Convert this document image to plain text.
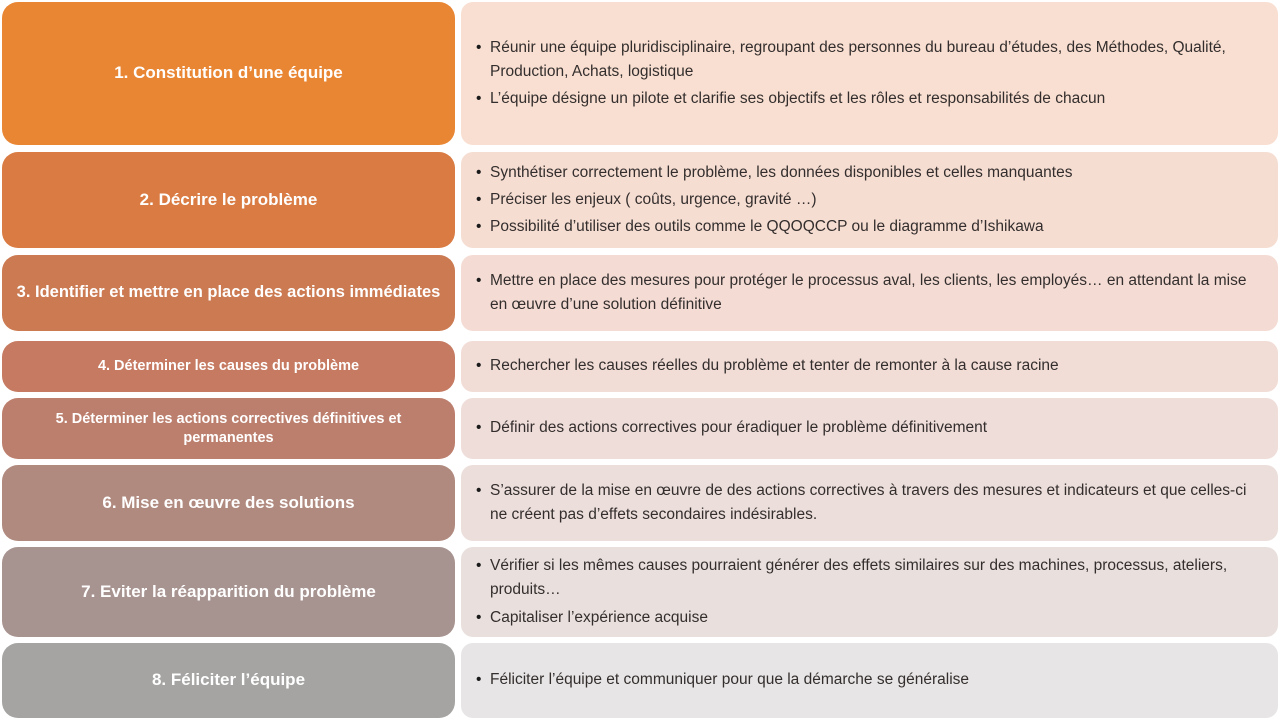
1. Constitution d’une équipe
• Réunir une équipe pluridisciplinaire, regroupant des personnes du bureau d’études, des Méthodes, Qualité, Production, Achats, logistique
• L’équipe désigne un pilote et clarifie ses objectifs et les rôles et responsabilités de chacun
2. Décrire le problème
• Synthétiser correctement le problème, les données disponibles et celles manquantes
• Préciser les enjeux ( coûts, urgence, gravité …)
• Possibilité d’utiliser des outils comme le QQOQCCP ou le diagramme d’Ishikawa
3. Identifier et mettre en place des actions immédiates
• Mettre en place des mesures pour protéger le processus aval, les clients, les employés… en attendant la mise en œuvre d’une solution définitive
4. Déterminer les causes du problème	• Rechercher les causes réelles du problème et tenter de remonter à la cause racine
5. Déterminer les actions correctives définitives et permanentes
• Définir des actions correctives pour éradiquer le problème définitivement
6. Mise en œuvre des solutions
• S’assurer de la mise en œuvre de des actions correctives à travers des mesures et indicateurs et que celles-ci ne créent pas d’effets secondaires indésirables.
7. Eviter la réapparition du problème
• Vérifier si les mêmes causes pourraient générer des effets similaires sur des machines, processus, ateliers, produits…
• Capitaliser l’expérience acquise
8. Féliciter l’équipe	• Féliciter l’équipe et communiquer pour que la démarche se généralise
